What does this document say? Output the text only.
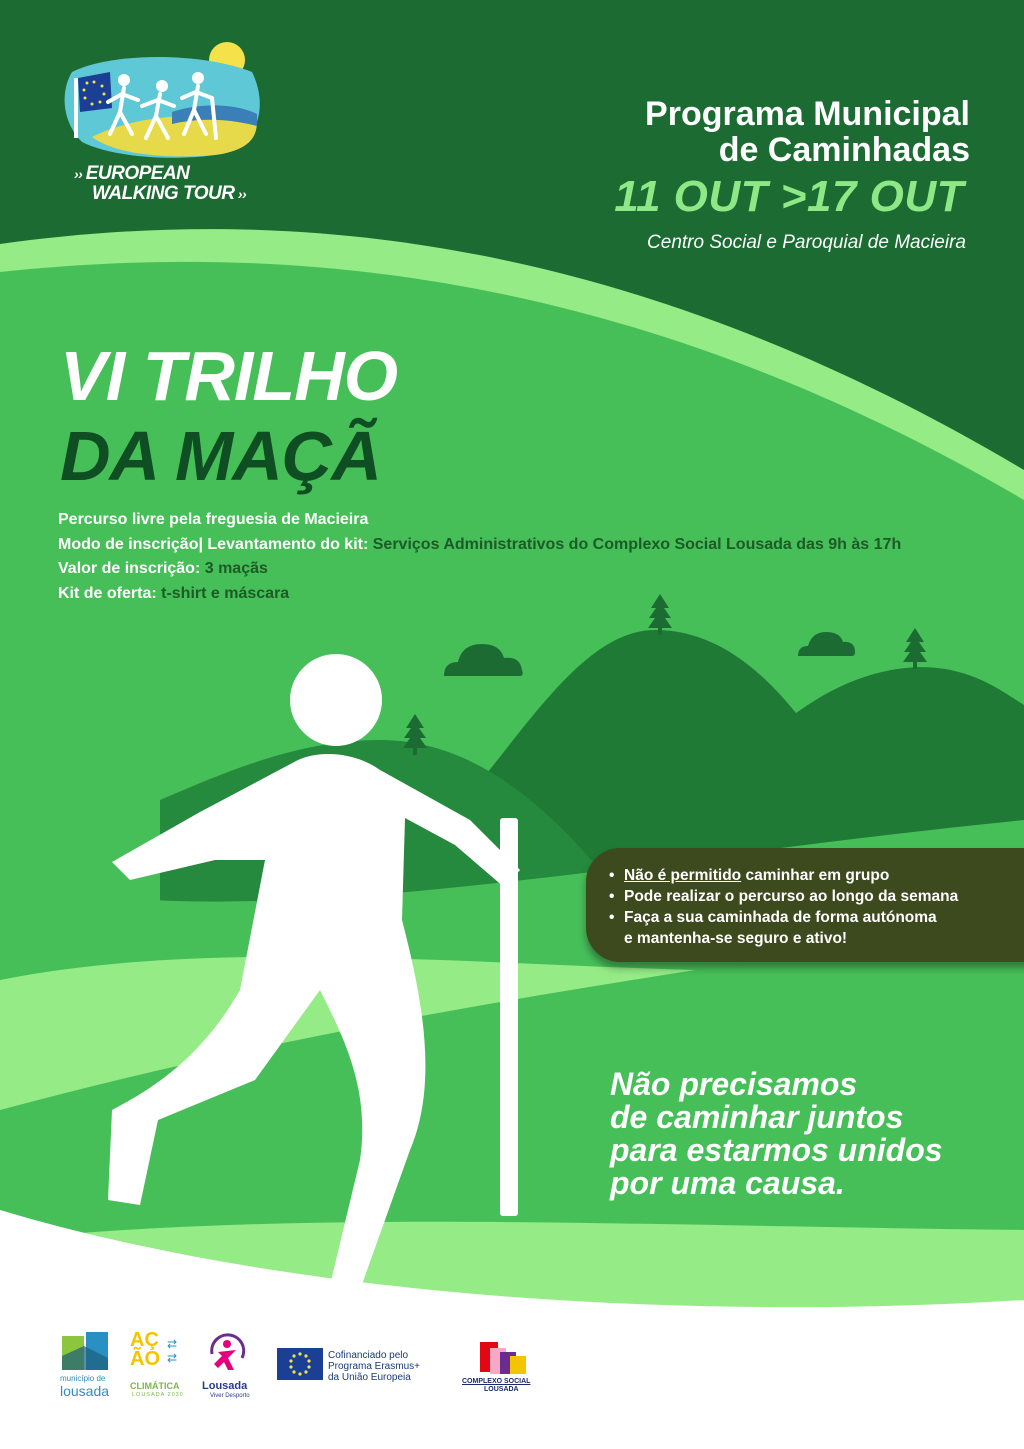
›› EUROPEAN
WALKING TOUR ››
Programa Municipal
de Caminhadas
11 OUT >17 OUT
Centro Social e Paroquial de Macieira
VI TRILHO
DA MAÇÃ
Percurso livre pela freguesia de Macieira
Modo de inscrição| Levantamento do kit: Serviços Administrativos do Complexo Social Lousada das 9h às 17h
Valor de inscrição: 3 maçãs
Kit de oferta: t-shirt e máscara
• Não é permitido caminhar em grupo
• Pode realizar o percurso ao longo da semana
• Faça a sua caminhada de forma autónoma
e mantenha-se seguro e ativo!
Não precisamos
de caminhar juntos
para estarmos unidos
por uma causa.
município de
lousada
AÇ
ÃO
⇄
⇄
CLIMÁTICA
LOUSADA 2030
Lousada
Viver Desporto
Cofinanciado pelo
Programa Erasmus+
da União Europeia	COMPLEXO SOCIAL
LOUSADA
